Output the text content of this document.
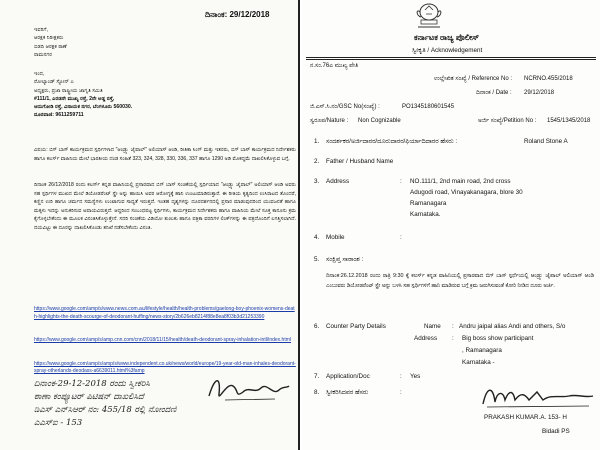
ದಿನಾಂಕ: 29/12/2018
ಇವರಿಗೆ,
ಆರಕ್ಷಕ ನಿರೀಕ್ಷಕರು
ಬಿಡದಿ ಆರಕ್ಷಕ ಠಾಣೆ
ರಾಮನಗರ
ಇಂದ,
ರೋಲ್ಯಾಂಡ್ ಸ್ಟೋನ್ ಎ
ಅಧ್ಯಕ್ಷರು, ಪ್ರಜಾ ರಾಷ್ಟ್ರೀಯ ಜಾಗೃತಿ ಸಮಿತಿ
#111/1, ಎರಡನೇ ಮುಖ್ಯ ರಸ್ತೆ, 2ನೇ ಅಡ್ಡ ರಸ್ತೆ,
ಆದುಗೋಡಿ ರಸ್ತೆ, ವಿನಾಯಕ ನಗರ, ಬೆಂಗಳೂರು 560030.
ದೂರವಾಣಿ: 9611259711
ವಿಷಯ: ಬಿಗ್ ಬಾಸ್ ಕಾರ್ಯಕ್ರಮದ ಸ್ಪರ್ಧಿಗಳಾದ "ಆಂಡ್ರ್ಯು ಜೈಪಾಲ್" ಅಲಿಯಾಸ್ ಆಂಡಿ, ರೀತಿಕಾ ಸಿಂಗ್ ಮತ್ತು ಇತರರು, ಬಿಗ್ ಬಾಸ್ ಕಾರ್ಯಕ್ರಮದ ನಿರ್ದೇಶಕರು ಹಾಗೂ ಕಲರ್ಸ್ ವಾಹಿನಿಯ ಮೇಲೆ ಭಾರತೀಯ ದಂಡ ಸಂಹಿತೆ 323, 324, 328, 330, 336, 337 ಹಾಗೂ 1290 ಅಡಿ ಮೊಕದ್ದಮೆ ದಾಖಲಿಸಿಕೊಳ್ಳುವ ಬಗ್ಗೆ.
ದಿನಾಂಕ 26/12/2018 ರಂದು ಕಲರ್ಸ್ ಕನ್ನಡ ವಾಹಿನಿಯಲ್ಲಿ ಪ್ರಸಾರವಾದ ಬಿಗ್ ಬಾಸ್ ಸಂಚಿಕೆಯಲ್ಲಿ ಸ್ಪರ್ಧಿಯಾದ "ಆಂಡ್ರ್ಯು ಜೈಪಾಲ್" ಅಲಿಯಾಸ್ ಆಂಡಿ ಅವರು ಸಹ ಸ್ಪರ್ಧಿಗಳ ಮುಖದ ಮೇಲೆ ಡಿಯೋಡರೆಂಟ್ ಸ್ಪ್ರೇ ಅನ್ನು ಹಾಯಿಸಿ ಅವರ ಆರೋಗ್ಯಕ್ಕೆ ಹಾನಿ ಉಂಟುಮಾಡಿರುತ್ತಾರೆ. ಈ ರೀತಿಯ ಕೃತ್ಯದಿಂದ ಉಸಿರಾಟದ ತೊಂದರೆ, ಕಣ್ಣಿನ ಉರಿ ಹಾಗೂ ಚರ್ಮದ ಸಮಸ್ಯೆಗಳು ಉಂಟಾಗುವ ಸಾಧ್ಯತೆ ಇರುತ್ತದೆ. ಇಂತಹ ದೃಶ್ಯಗಳನ್ನು ದೂರದರ್ಶನದಲ್ಲಿ ಪ್ರಸಾರ ಮಾಡುವುದರಿಂದ ಯುವಜನತೆ ಹಾಗೂ ಮಕ್ಕಳು ಇದನ್ನು ಅನುಕರಿಸುವ ಅಪಾಯವಿರುತ್ತದೆ. ಆದ್ದರಿಂದ ಸಂಬಂಧಪಟ್ಟ ಸ್ಪರ್ಧಿಗಳು, ಕಾರ್ಯಕ್ರಮದ ನಿರ್ದೇಶಕರು ಹಾಗೂ ವಾಹಿನಿಯ ಮೇಲೆ ಸೂಕ್ತ ಕಾನೂನು ಕ್ರಮ ಕೈಗೊಳ್ಳಬೇಕೆಂದು ಈ ಮೂಲಕ ವಿನಂತಿಸಿಕೊಳ್ಳುತ್ತೇನೆ. ಸದರಿ ಸಂಚಿಕೆಯ ವಿಡಿಯೋ ತುಣುಕು ಹಾಗೂ ಪತ್ರಿಕಾ ವರದಿಗಳ ಲಿಂಕ್‌ಗಳನ್ನು ಈ ಪತ್ರದೊಂದಿಗೆ ಲಗತ್ತಿಸಲಾಗಿದೆ. ದಯವಿಟ್ಟು ಈ ದೂರನ್ನು ದಾಖಲಿಸಿಕೊಂಡು ತನಿಖೆ ನಡೆಸಬೇಕೆಂದು ವಿನಂತಿ.
https://www.google.com/amp/s/www.news.com.au/lifestyle/health/health-problems/gaelong-boy-phoenix-womens-death-highlights-the-death-scourge-of-deodorant-huffing/news-story/2b626eb8214f88e8ea8f03b3d21253390
https://www.google.com/amp/s/amp.cnn.com/cnn/2018/11/15/health/death-deodorant-spray-inhalation-intl/index.html
https://www.google.com/amp/s/amp/s/www.independent.co.uk/news/world/europe/19-year-old-man-inhales-deodorant-spray-otherlands-deodass-a6639011.html%3famp
ದಿನಾಂಕ-29-12-2018 ರಂದು ಸ್ವೀಕರಿಸಿ
ಠಾಣಾ ಕಂಪ್ಯೂಟರ್ ಪಿಟಿಷನ್ ದಾಖಲಿಸಿದೆ
ಡಿಎಸ್ ಎನ್‌ಸಿಆರ್ ನಂ: 455/18 ರಲ್ಲಿ ನೋಂದಣಿ
ಎಎಸ್‌ಐ - 153
ಕರ್ನಾಟಕ ರಾಜ್ಯ ಪೊಲೀಸ್
ಸ್ವೀಕೃತಿ / Acknowledgement
ನ.ಸಂ.76ಎ ಮುಖ್ಯ ಪೇತಿ
ಉಲ್ಲೇಖಿತ ಸಂಖ್ಯೆ / Reference No : NCRNO.455/2018
ದಿನಾಂಕ / Date : 29/12/2018
ಜಿ.ಎಸ್.ಸಿ.ನಂ/GSC No(ಸಂಖ್ಯೆ) :	PO1345180601545
ಸ್ವರೂಪ/Nature : Non Cognizable	ಅರ್ಜಿ ಸಂಖ್ಯೆ/Petition No : 1545/1345/2018
1. ಸಂದರ್ಶಕರ/ಅರ್ಜಿದಾರರ/ದೂರುದಾರರ/ಫಿರ್ಯಾದಿದಾರರ ಹೆಸರು :	Roland Stone A
2. Father / Husband Name
3. Address	: NO.111/1, 2nd main road, 2nd cross
Adugodi road, Vinayakanagara, blore 30
Ramanagara
Karnataka.
4. Mobile	:
5. ಸಂಕ್ಷಿಪ್ತ ಸಾರಾಂಶ :
ದಿನಾಂಕ:26.12.2018 ರಂದು ರಾತ್ರಿ 9:30 ಕ್ಕೆ ಕಲರ್ಸ್ ಕನ್ನಡ ವಾಹಿನಿಯಲ್ಲಿ ಪ್ರಸಾರವಾದ ಬಿಗ್ ಬಾಸ್ ಸ್ಪರ್ಧೆಯಲ್ಲಿ ಆಂಡ್ರ್ಯು ಜೈಪಾಲ್ ಅಲಿಯಾಸ್ ಆಂಡಿ ಎಂಬುವರು ಡಿಯೋಡರೆಂಟ್ ಸ್ಪ್ರೇ ಅನ್ನು ಬಳಸಿ ಸಹ ಸ್ಪರ್ಧಿಗಳಿಗೆ ಹಾನಿ ಮಾಡಿರುವ ಬಗ್ಗೆ ಕ್ರಮ ಜರುಗಿಸುವಂತೆ ಕೋರಿ ನೀಡಿದ ದೂರು ಅರ್ಜಿ.
6. Counter Party Details	Name : Andru jaipal alias Andi and others, S/o
Address : Big boss show participant
, Ramanagara
Karnataka -
7. Application/Doc	: Yes
8. ಸ್ವೀಕರಿಸಿದವರ ಹೆಸರು	:
PRAKASH KUMAR.A. 153- H
Bidadi PS
